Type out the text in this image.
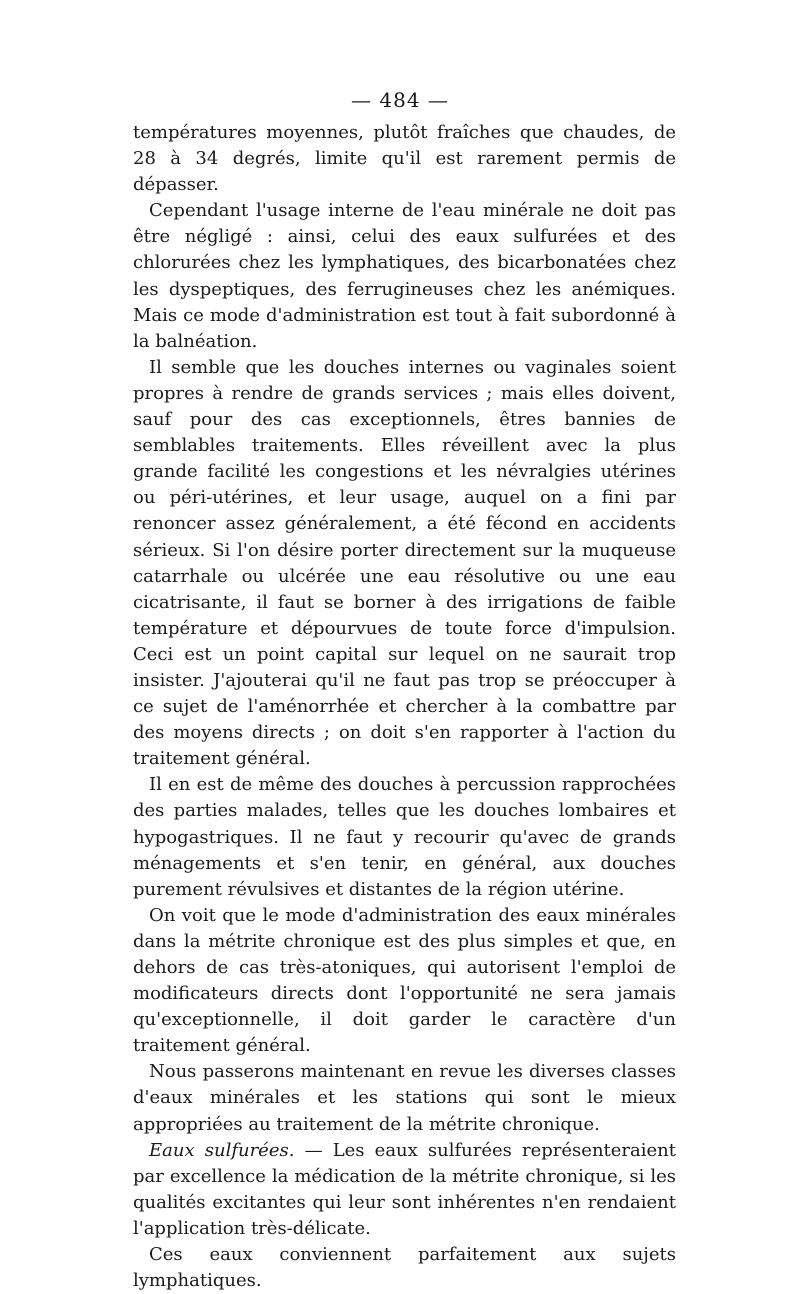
— 484 —

températures moyennes, plutôt fraîches que chaudes, de 28 à 34 degrés, limite qu'il est rarement permis de dépasser.

Cependant l'usage interne de l'eau minérale ne doit pas être négligé : ainsi, celui des eaux sulfurées et des chlorurées chez les lymphatiques, des bicarbonatées chez les dyspeptiques, des ferrugineuses chez les anémiques. Mais ce mode d'administration est tout à fait subordonné à la balnéation.

Il semble que les douches internes ou vaginales soient propres à rendre de grands services ; mais elles doivent, sauf pour des cas exceptionnels, êtres bannies de semblables traitements. Elles réveillent avec la plus grande facilité les congestions et les névralgies utérines ou péri-utérines, et leur usage, auquel on a fini par renoncer assez généralement, a été fécond en accidents sérieux. Si l'on désire porter directement sur la muqueuse catarrhale ou ulcérée une eau résolutive ou une eau cicatrisante, il faut se borner à des irrigations de faible température et dépourvues de toute force d'impulsion. Ceci est un point capital sur lequel on ne saurait trop insister. J'ajouterai qu'il ne faut pas trop se préoccuper à ce sujet de l'aménorrhée et chercher à la combattre par des moyens directs ; on doit s'en rapporter à l'action du traitement général.

Il en est de même des douches à percussion rapprochées des parties malades, telles que les douches lombaires et hypogastriques. Il ne faut y recourir qu'avec de grands ménagements et s'en tenir, en général, aux douches purement révulsives et distantes de la région utérine.

On voit que le mode d'administration des eaux minérales dans la métrite chronique est des plus simples et que, en dehors de cas très-atoniques, qui autorisent l'emploi de modificateurs directs dont l'opportunité ne sera jamais qu'exceptionnelle, il doit garder le caractère d'un traitement général.

Nous passerons maintenant en revue les diverses classes d'eaux minérales et les stations qui sont le mieux appropriées au traitement de la métrite chronique.

Eaux sulfurées. — Les eaux sulfurées représenteraient par excellence la médication de la métrite chronique, si les qualités excitantes qui leur sont inhérentes n'en rendaient l'application très-délicate.

Ces eaux conviennent parfaitement aux sujets lymphatiques.
